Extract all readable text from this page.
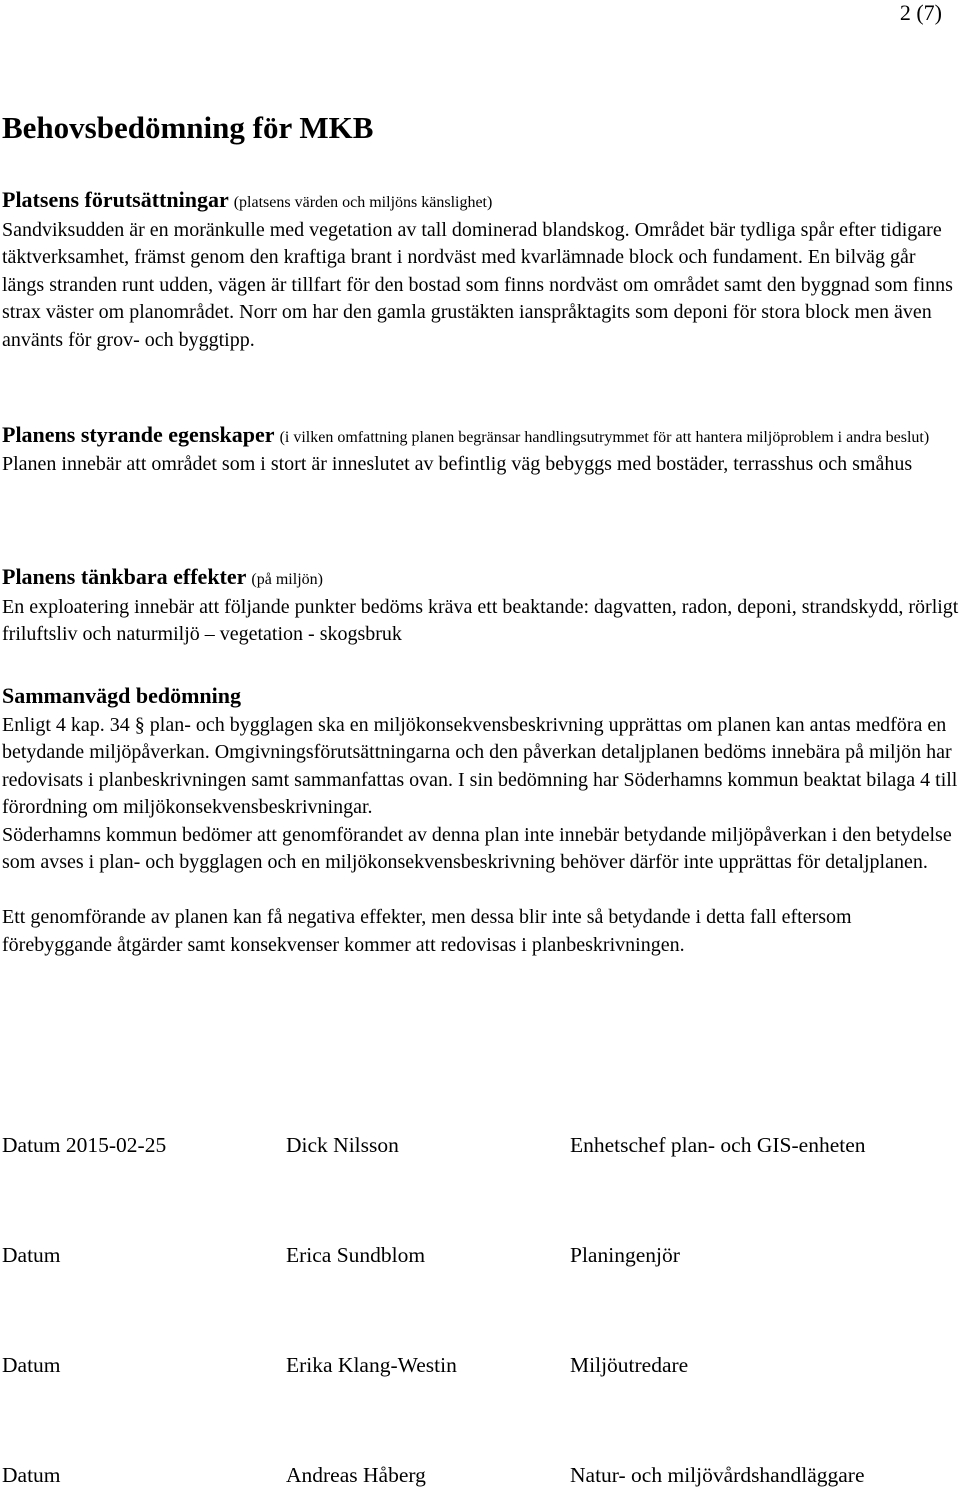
2 (7)
Behovsbedömning för MKB
Platsens förutsättningar (platsens värden och miljöns känslighet)

Sandviksudden är en moränkulle med vegetation av tall dominerad blandskog. Området bär tydliga spår efter tidigare täktverksamhet, främst genom den kraftiga brant i nordväst med kvarlämnade block och fundament. En bilväg går längs stranden runt udden, vägen är tillfart för den bostad som finns nordväst om området samt den byggnad som finns strax väster om planområdet. Norr om har den gamla grustäkten ianspråktagits som deponi för stora block men även använts för grov- och byggtipp.

Planens styrande egenskaper (i vilken omfattning planen begränsar handlingsutrymmet för att hantera miljöproblem i andra beslut)

Planen innebär att området som i stort är inneslutet av befintlig väg bebyggs med bostäder, terrasshus och småhus

Planens tänkbara effekter (på miljön)

En exploatering innebär att följande punkter bedöms kräva ett beaktande: dagvatten, radon, deponi, strandskydd, rörligt friluftsliv och naturmiljö – vegetation - skogsbruk

Sammanvägd bedömning

Enligt 4 kap. 34 § plan- och bygglagen ska en miljökonsekvensbeskrivning upprättas om planen kan antas medföra en betydande miljöpåverkan. Omgivningsförutsättningarna och den påverkan detaljplanen bedöms innebära på miljön har redovisats i planbeskrivningen samt sammanfattas ovan. I sin bedömning har Söderhamns kommun beaktat bilaga 4 till förordning om miljökonsekvensbeskrivningar.

Söderhamns kommun bedömer att genomförandet av denna plan inte innebär betydande miljöpåverkan i den betydelse som avses i plan- och bygglagen och en miljökonsekvensbeskrivning behöver därför inte upprättas för detaljplanen.

Ett genomförande av planen kan få negativa effekter, men dessa blir inte så betydande i detta fall eftersom förebyggande åtgärder samt konsekvenser kommer att redovisas i planbeskrivningen.

Datum 2015-02-25	Dick Nilsson	Enhetschef plan- och GIS-enheten
Datum	Erica Sundblom	Planingenjör
Datum	Erika Klang-Westin	Miljöutredare
Datum	Andreas Håberg	Natur- och miljövårdshandläggare
